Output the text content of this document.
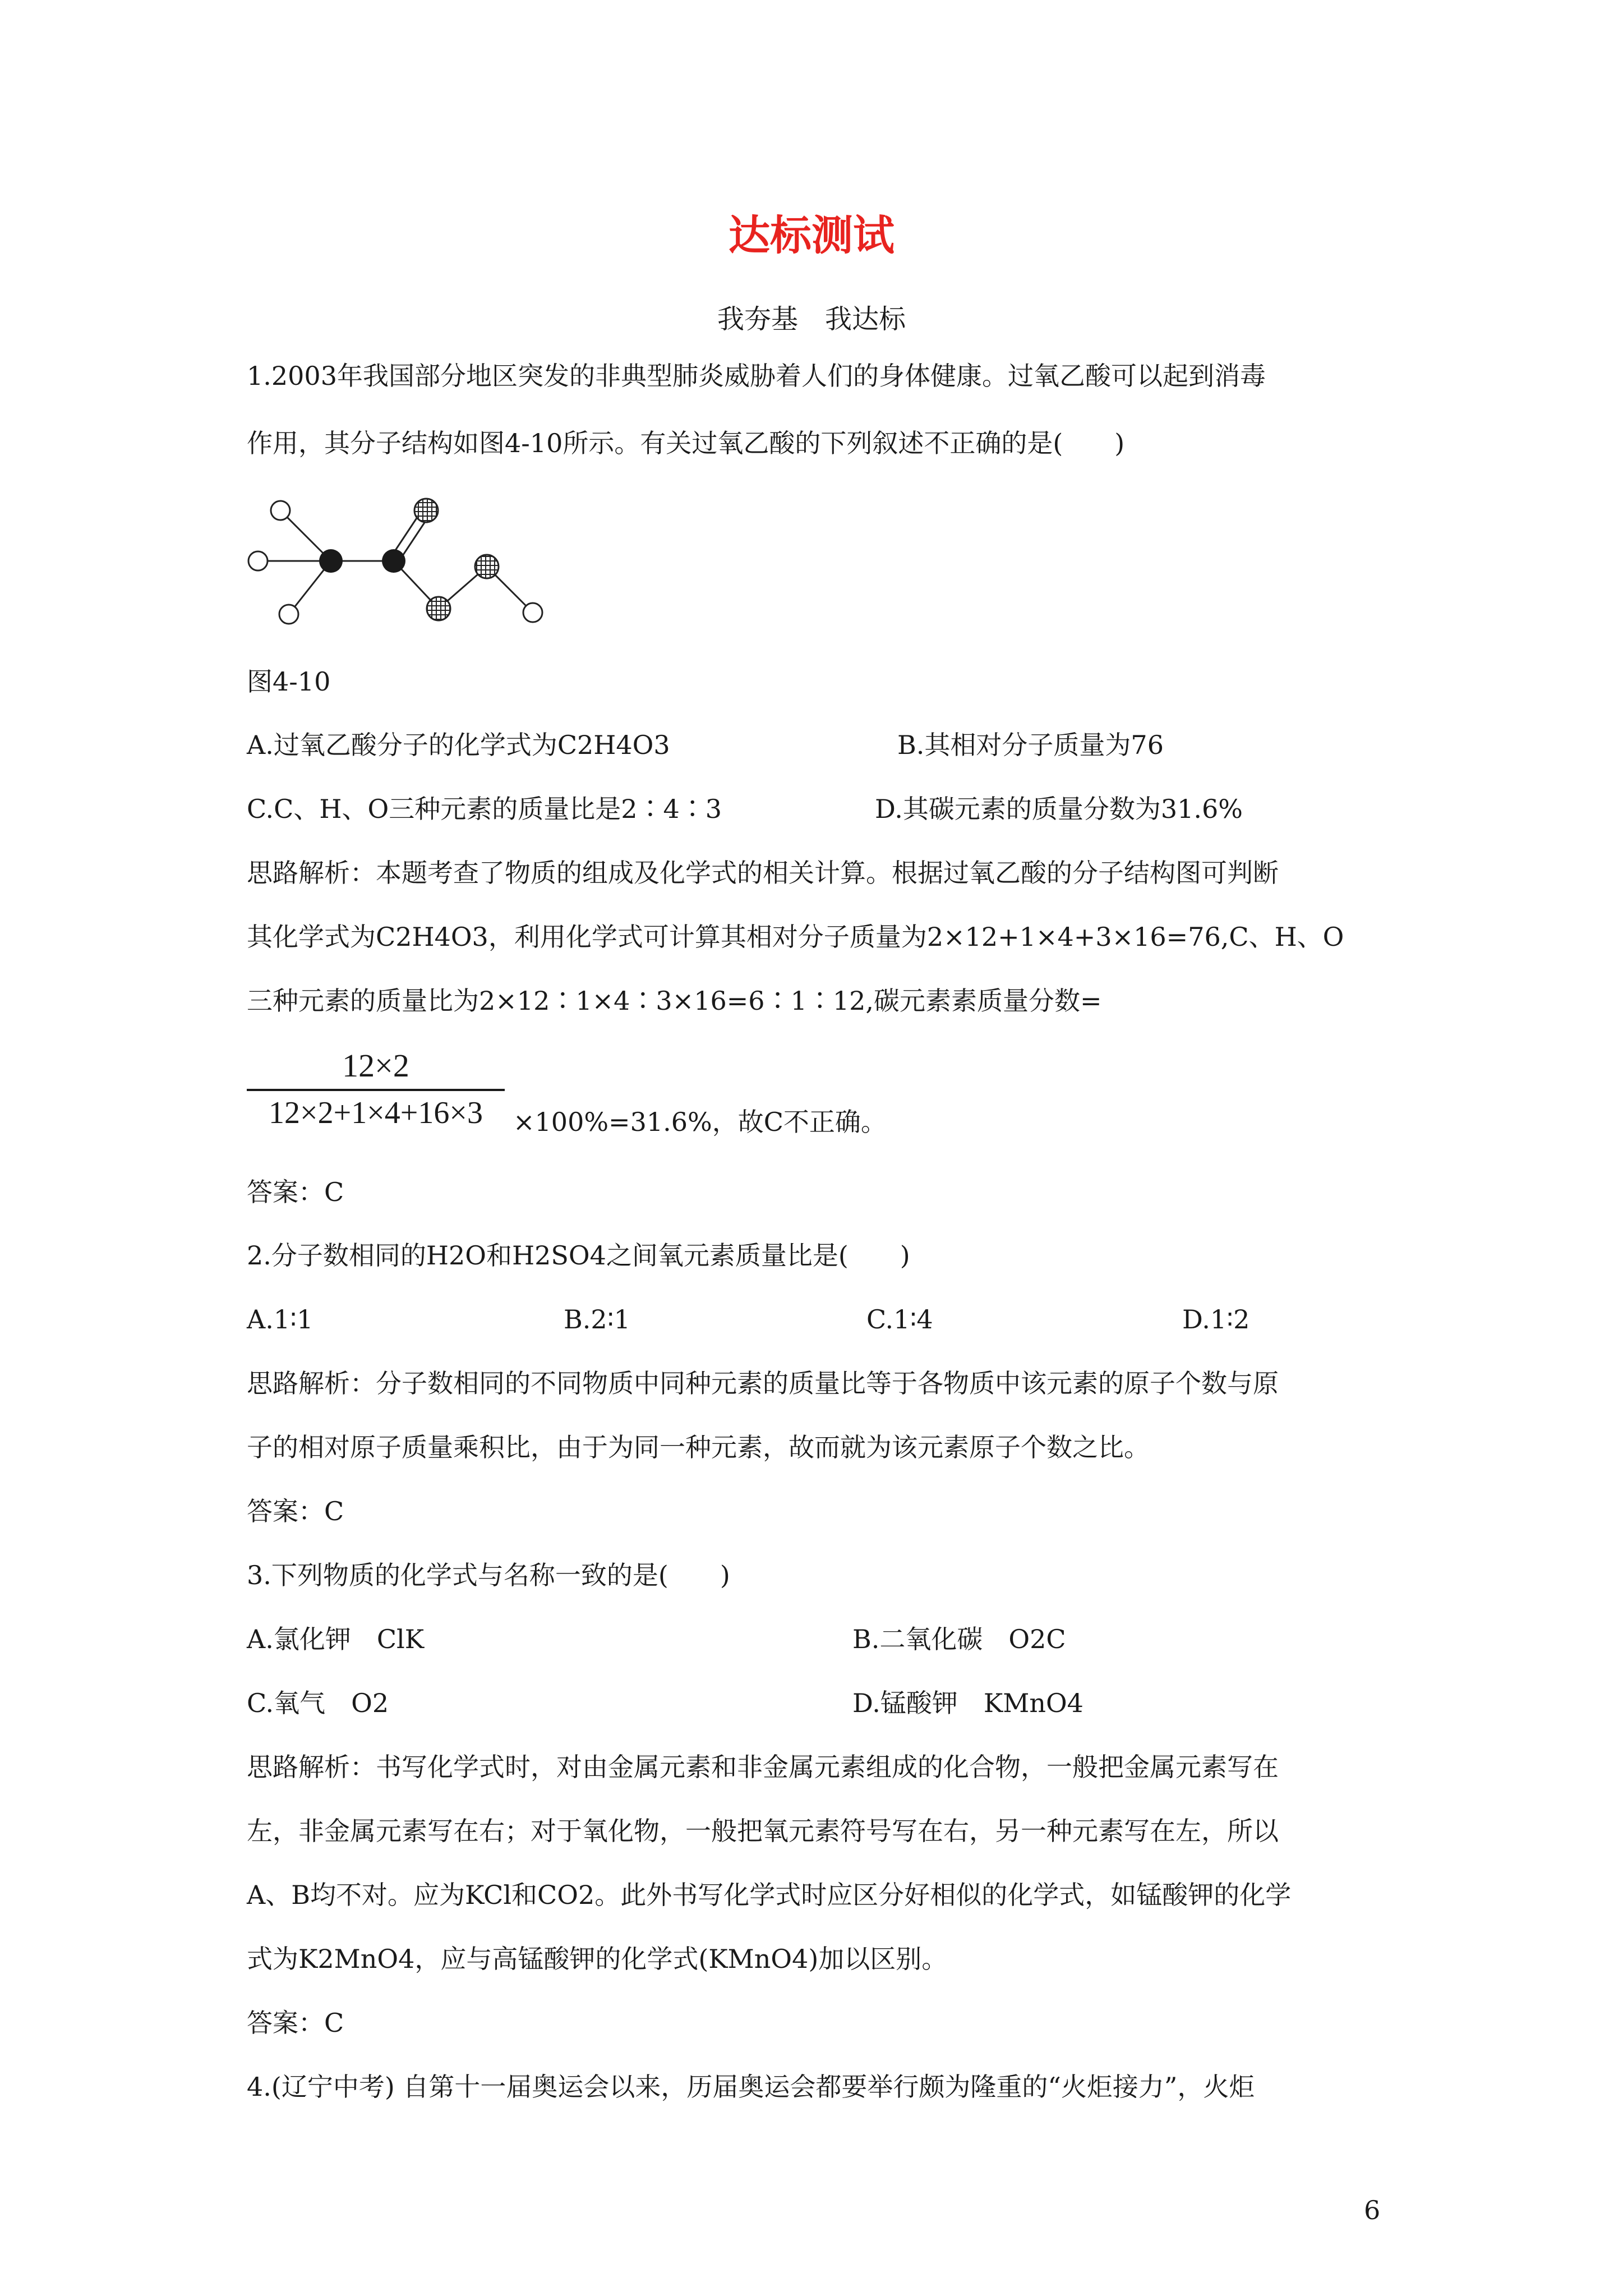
达标测试
我夯基　我达标
1.2003年我国部分地区突发的非典型肺炎威胁着人们的身体健康。过氧乙酸可以起到消毒
作用，其分子结构如图4-10所示。有关过氧乙酸的下列叙述不正确的是(　　)
图4-10
A.过氧乙酸分子的化学式为C2H4O3	B.其相对分子质量为76
C.C、H、O三种元素的质量比是2∶4∶3	D.其碳元素的质量分数为31.6%
思路解析：本题考查了物质的组成及化学式的相关计算。根据过氧乙酸的分子结构图可判断
其化学式为C2H4O3，利用化学式可计算其相对分子质量为2×12+1×4+3×16=76,C、H、O
三种元素的质量比为2×12∶1×4∶3×16=6∶1∶12,碳元素素质量分数=
12×2
12×2+1×4+16×3	×100%=31.6%，故C不正确。
答案：C
2.分子数相同的H2O和H2SO4之间氧元素质量比是(　　)
A.1∶1	B.2∶1	C.1∶4	D.1∶2
思路解析：分子数相同的不同物质中同种元素的质量比等于各物质中该元素的原子个数与原
子的相对原子质量乘积比，由于为同一种元素，故而就为该元素原子个数之比。
答案：C
3.下列物质的化学式与名称一致的是(　　)
A.氯化钾　ClK	B.二氧化碳　O2C
C.氧气　O2	D.锰酸钾　KMnO4
思路解析：书写化学式时，对由金属元素和非金属元素组成的化合物，一般把金属元素写在
左，非金属元素写在右；对于氧化物，一般把氧元素符号写在右，另一种元素写在左，所以
A、B均不对。应为KCl和CO2。此外书写化学式时应区分好相似的化学式，如锰酸钾的化学
式为K2MnO4，应与高锰酸钾的化学式(KMnO4)加以区别。
答案：C
4.(辽宁中考) 自第十一届奥运会以来，历届奥运会都要举行颇为隆重的“火炬接力”，火炬
6
